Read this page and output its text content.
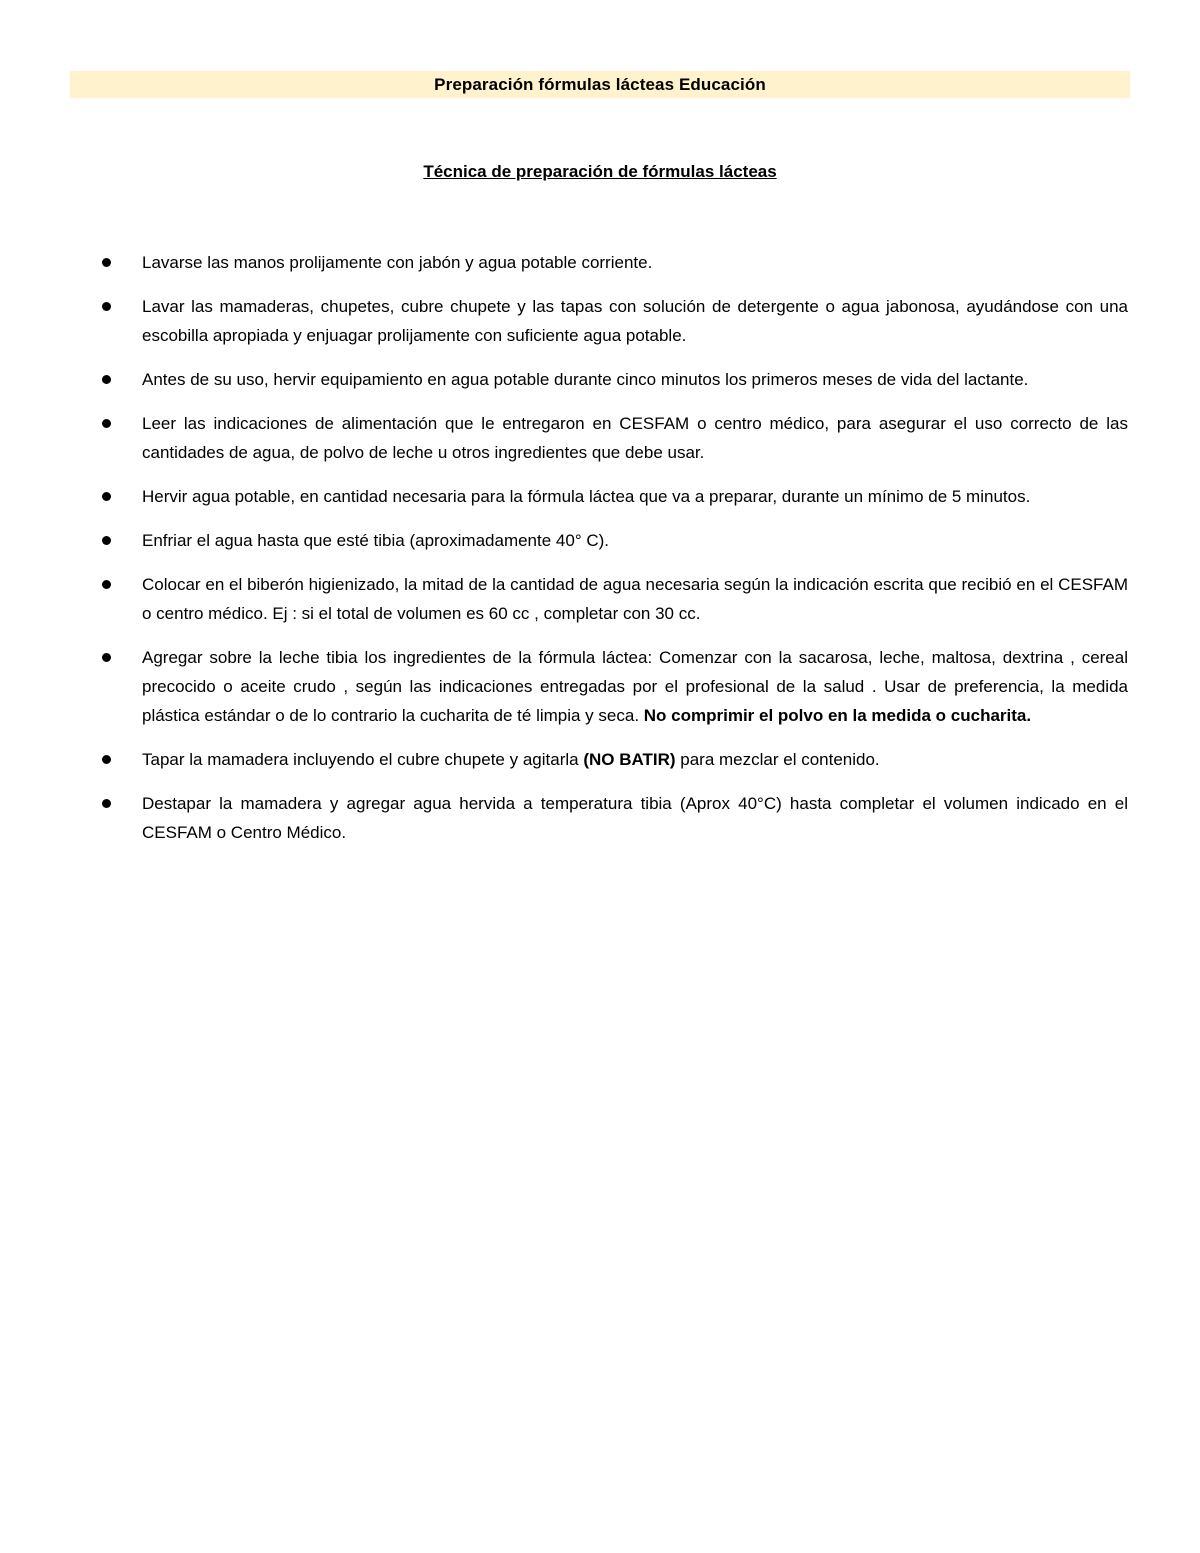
Preparación fórmulas lácteas Educación
Técnica de preparación de fórmulas lácteas
Lavarse las manos prolijamente con jabón y agua potable corriente.
Lavar las mamaderas, chupetes, cubre chupete y las tapas con solución de detergente o agua jabonosa, ayudándose con una escobilla apropiada y enjuagar prolijamente con suficiente agua potable.
Antes de su uso, hervir equipamiento en agua potable durante cinco minutos los primeros meses de vida del lactante.
Leer las indicaciones de alimentación que le entregaron en CESFAM o centro médico, para asegurar el uso correcto de las cantidades de agua, de polvo de leche u otros ingredientes que debe usar.
Hervir agua potable, en cantidad necesaria para la fórmula láctea que va a preparar, durante un mínimo de 5 minutos.
Enfriar el agua hasta que esté tibia (aproximadamente 40° C).
Colocar en el biberón higienizado, la mitad de la cantidad de agua necesaria según la indicación escrita que recibió en el CESFAM o centro médico. Ej : si el total de volumen es 60 cc , completar con 30 cc.
Agregar sobre la leche tibia los ingredientes de la fórmula láctea: Comenzar con la sacarosa, leche, maltosa, dextrina , cereal precocido o aceite crudo , según las indicaciones entregadas por el profesional de la salud . Usar de preferencia, la medida plástica estándar o de lo contrario la cucharita de té limpia y seca. No comprimir el polvo en la medida o cucharita.
Tapar la mamadera incluyendo el cubre chupete y agitarla (NO BATIR) para mezclar el contenido.
Destapar la mamadera y agregar agua hervida a temperatura tibia (Aprox 40°C) hasta completar el volumen indicado en el CESFAM o Centro Médico.
